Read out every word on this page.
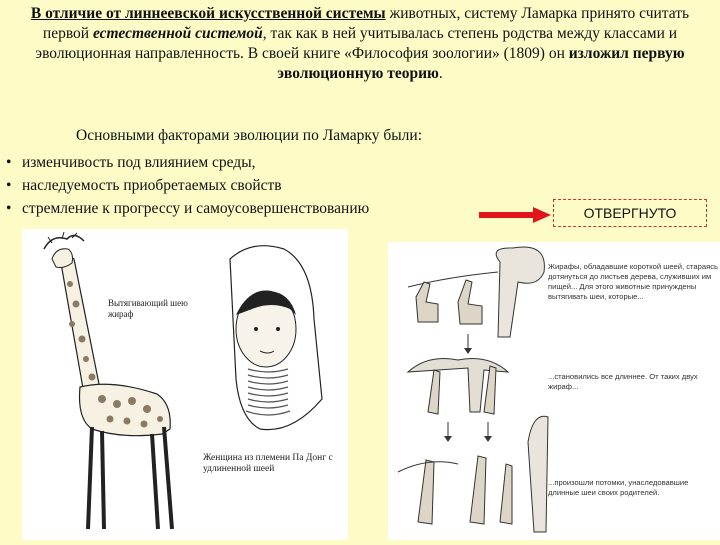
В отличие от линнеевской искусственной системы животных, систему Ламарка принято считать первой естественной системой, так как в ней учитывалась степень родства между классами и эволюционная направленность. В своей книге «Философия зоологии» (1809) он изложил первую эволюционную теорию.
Основными факторами эволюции по Ламарку были:
• изменчивость под влиянием среды,
• наследуемость приобретаемых свойств
• стремление к прогрессу и самоусовершенствованию	ОТВЕРГНУТО
Вытягивающий шею жираф
Женщина из племени Па Донг с удлиненной шеей
Жирафы, обладавшие короткой шеей, стараясь дотянуться до листьев дерева, служивших им пищей... Для этого животные принуждены вытягивать шеи, которые...
...становились все длиннее. От таких двух жираф...
...произошли потомки, унаследовавшие длинные шеи своих родителей.
